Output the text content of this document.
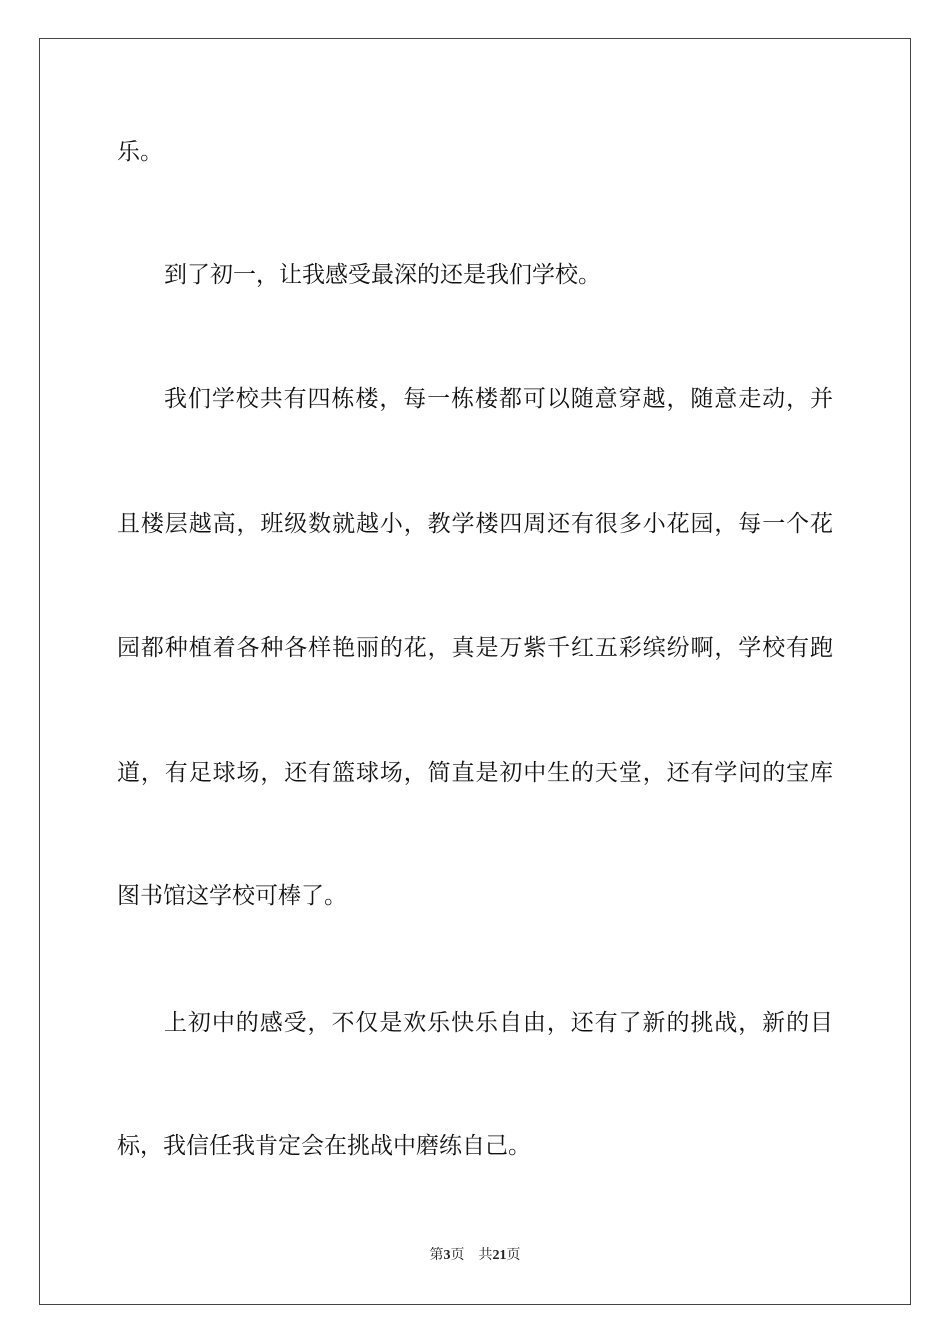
乐。
到了初一，让我感受最深的还是我们学校。
我们学校共有四栋楼，每一栋楼都可以随意穿越，随意走动，并
且楼层越高，班级数就越小，教学楼四周还有很多小花园，每一个花
园都种植着各种各样艳丽的花，真是万紫千红五彩缤纷啊，学校有跑
道，有足球场，还有篮球场，简直是初中生的天堂，还有学问的宝库
图书馆这学校可棒了。
上初中的感受，不仅是欢乐快乐自由，还有了新的挑战，新的目
标，我信任我肯定会在挑战中磨练自己。
第3页 共21页
